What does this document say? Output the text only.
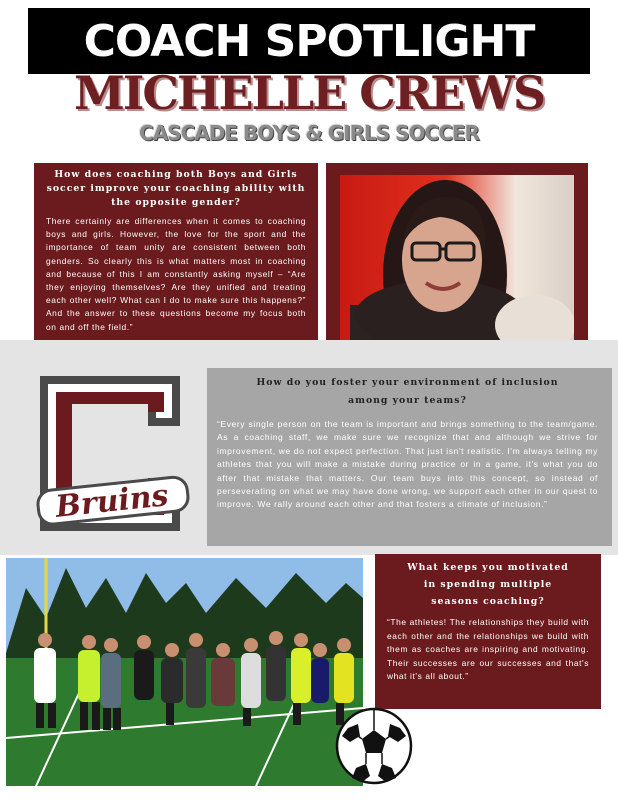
COACH SPOTLIGHT
MICHELLE CREWS
CASCADE BOYS & GIRLS SOCCER
How does coaching both Boys and Girls soccer improve your coaching ability with the opposite gender?
There certainly are differences when it comes to coaching boys and girls. However, the love for the sport and the importance of team unity are consistent between both genders. So clearly this is what matters most in coaching and because of this I am constantly asking myself – “Are they enjoying themselves? Are they unified and treating each other well? What can I do to make sure this happens?” And the answer to these questions become my focus both on and off the field.”
Bruins
How do you foster your environment of inclusion among your teams?
“Every single person on the team is important and brings something to the team/game. As a coaching staff, we make sure we recognize that and although we strive for improvement, we do not expect perfection. That just isn't realistic. I'm always telling my athletes that you will make a mistake during practice or in a game, it's what you do after that mistake that matters. Our team buys into this concept, so instead of perseverating on what we may have done wrong, we support each other in our quest to improve. We rally around each other and that fosters a climate of inclusion.”
What keeps you motivated in spending multiple seasons coaching?
“The athletes! The relationships they build with each other and the relationships we build with them as coaches are inspiring and motivating. Their successes are our successes and that's what it's all about.”
